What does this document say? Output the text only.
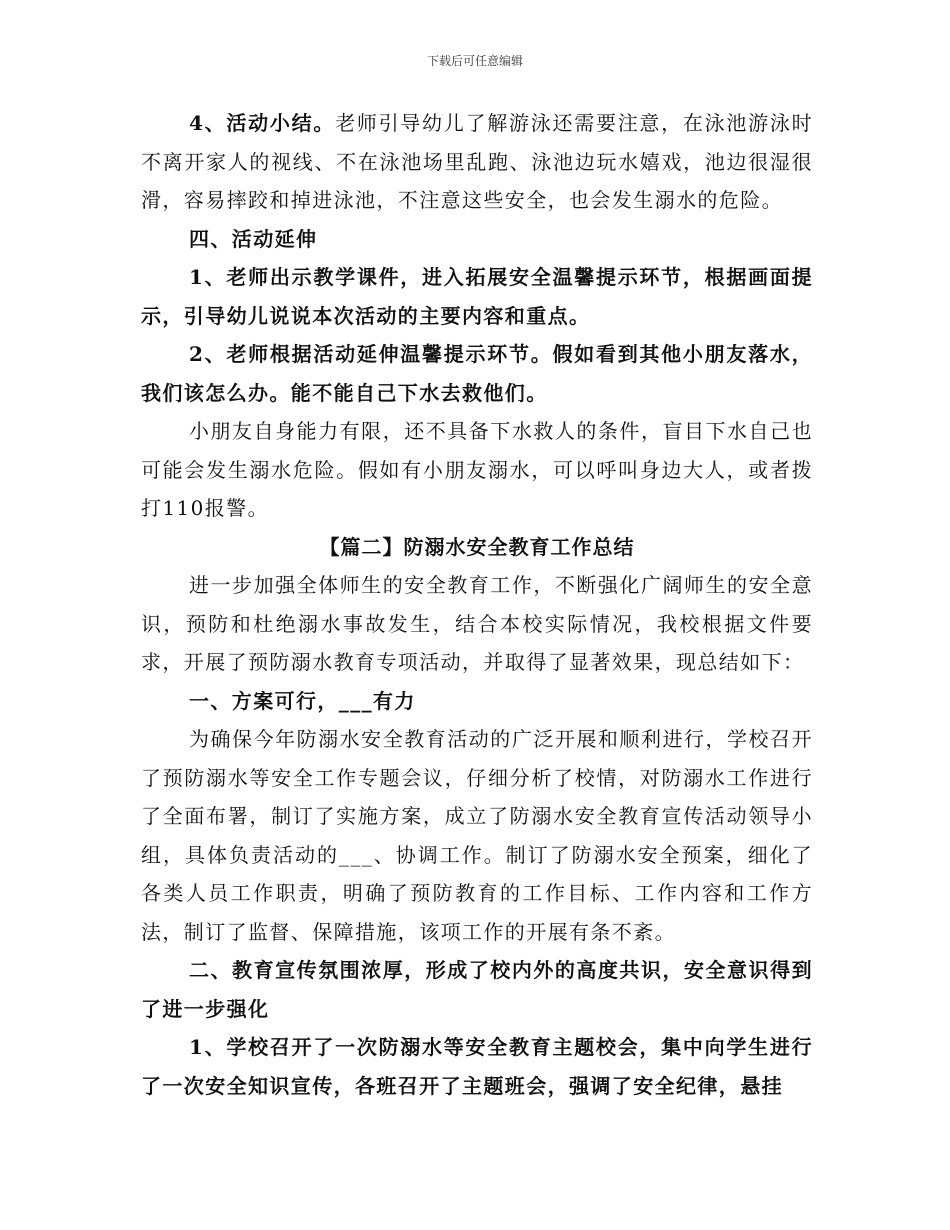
下载后可任意编辑

4、活动小结。老师引导幼儿了解游泳还需要注意，在泳池游泳时不离开家人的视线、不在泳池场里乱跑、泳池边玩水嬉戏，池边很湿很滑，容易摔跤和掉进泳池，不注意这些安全，也会发生溺水的危险。

四、活动延伸

1、老师出示教学课件，进入拓展安全温馨提示环节，根据画面提示，引导幼儿说说本次活动的主要内容和重点。

2、老师根据活动延伸温馨提示环节。假如看到其他小朋友落水，我们该怎么办。能不能自己下水去救他们。

小朋友自身能力有限，还不具备下水救人的条件，盲目下水自己也可能会发生溺水危险。假如有小朋友溺水，可以呼叫身边大人，或者拨打110报警。

【篇二】防溺水安全教育工作总结

进一步加强全体师生的安全教育工作，不断强化广阔师生的安全意识，预防和杜绝溺水事故发生，结合本校实际情况，我校根据文件要求，开展了预防溺水教育专项活动，并取得了显著效果，现总结如下：

一、方案可行，___有力

为确保今年防溺水安全教育活动的广泛开展和顺利进行，学校召开了预防溺水等安全工作专题会议，仔细分析了校情，对防溺水工作进行了全面布署，制订了实施方案，成立了防溺水安全教育宣传活动领导小组，具体负责活动的___、协调工作。制订了防溺水安全预案，细化了各类人员工作职责，明确了预防教育的工作目标、工作内容和工作方法，制订了监督、保障措施，该项工作的开展有条不紊。

二、教育宣传氛围浓厚，形成了校内外的高度共识，安全意识得到了进一步强化

1、学校召开了一次防溺水等安全教育主题校会，集中向学生进行了一次安全知识宣传，各班召开了主题班会，强调了安全纪律，悬挂
